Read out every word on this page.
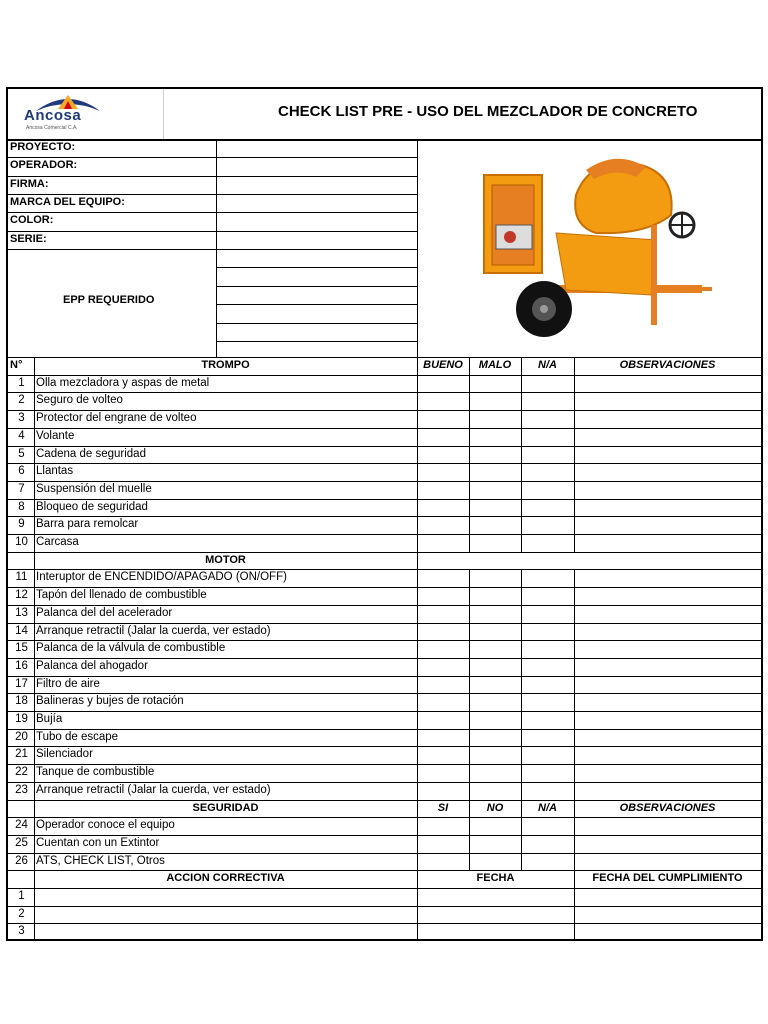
Ancosa
Ancosa Comercial C.A.
CHECK LIST PRE - USO DEL MEZCLADOR DE CONCRETO
EPP REQUERIDO
PROYECTO:
OPERADOR:
FIRMA:
MARCA DEL EQUIPO:
COLOR:
SERIE:
N°	TROMPO	BUENO	MALO	N/A	OBSERVACIONES
1 Olla mezcladora y aspas de metal
2 Seguro de volteo
3 Protector del engrane de volteo
4 Volante
5 Cadena de seguridad
6 Llantas
7 Suspensión del muelle
8 Bloqueo de seguridad
9 Barra para remolcar
10 Carcasa
MOTOR
11 Interuptor de ENCENDIDO/APAGADO (ON/OFF)
12 Tapón del llenado de combustible
13 Palanca del del acelerador
14 Arranque retractil (Jalar la cuerda, ver estado)
15 Palanca de la válvula de combustible
16 Palanca del ahogador
17 Filtro de aire
18 Balineras y bujes de rotación
19 Bujía
20 Tubo de escape
21 Silenciador
22 Tanque de combustible
23 Arranque retractil (Jalar la cuerda, ver estado)
SEGURIDAD	SI	NO	N/A	OBSERVACIONES
24 Operador conoce el equipo
25 Cuentan con un Extintor
26 ATS, CHECK LIST, Otros
ACCION CORRECTIVA	FECHA	FECHA DEL CUMPLIMIENTO
1
2
3
